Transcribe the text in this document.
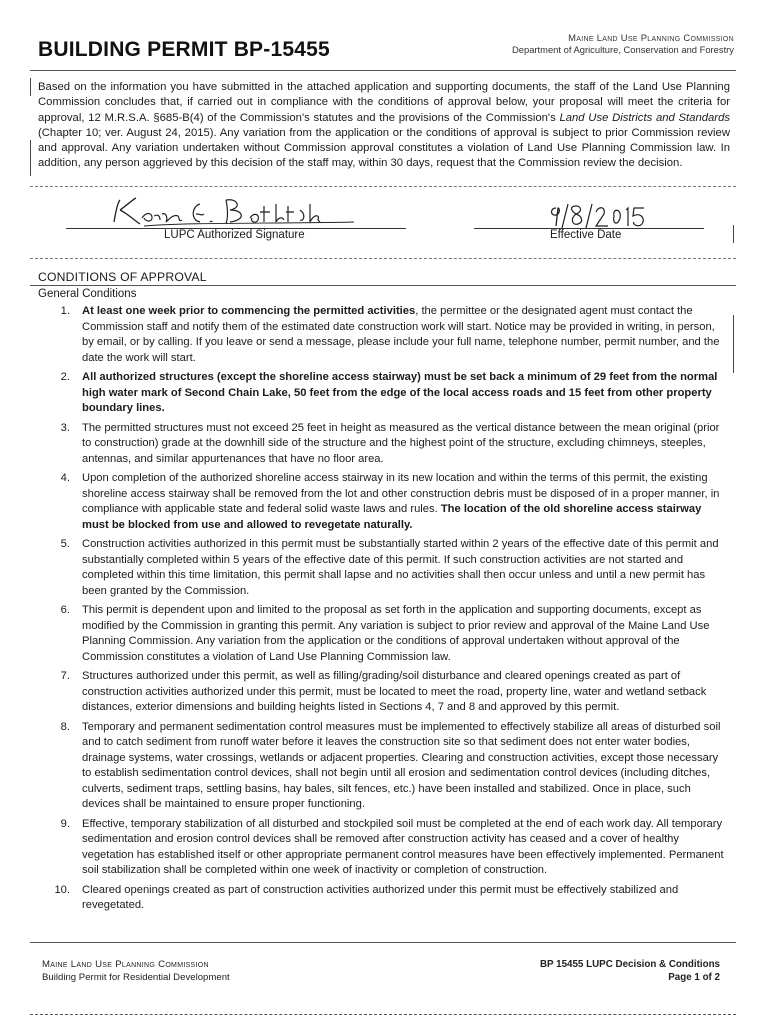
BUILDING PERMIT BP-15455
Maine Land Use Planning Commission
Department of Agriculture, Conservation and Forestry
Based on the information you have submitted in the attached application and supporting documents, the staff of the Land Use Planning Commission concludes that, if carried out in compliance with the conditions of approval below, your proposal will meet the criteria for approval, 12 M.R.S.A. §685-B(4) of the Commission's statutes and the provisions of the Commission's Land Use Districts and Standards (Chapter 10; ver. August 24, 2015). Any variation from the application or the conditions of approval is subject to prior Commission review and approval. Any variation undertaken without Commission approval constitutes a violation of Land Use Planning Commission law. In addition, any person aggrieved by this decision of the staff may, within 30 days, request that the Commission review the decision.
LUPC Authorized Signature	Effective Date
CONDITIONS OF APPROVAL
General Conditions
1. At least one week prior to commencing the permitted activities, the permittee or the designated agent must contact the Commission staff and notify them of the estimated date construction work will start. Notice may be provided in writing, in person, by email, or by calling. If you leave or send a message, please include your full name, telephone number, permit number, and the date the work will start.
2. All authorized structures (except the shoreline access stairway) must be set back a minimum of 29 feet from the normal high water mark of Second Chain Lake, 50 feet from the edge of the local access roads and 15 feet from other property boundary lines.
3. The permitted structures must not exceed 25 feet in height as measured as the vertical distance between the mean original (prior to construction) grade at the downhill side of the structure and the highest point of the structure, excluding chimneys, steeples, antennas, and similar appurtenances that have no floor area.
4. Upon completion of the authorized shoreline access stairway in its new location and within the terms of this permit, the existing shoreline access stairway shall be removed from the lot and other construction debris must be disposed of in a proper manner, in compliance with applicable state and federal solid waste laws and rules. The location of the old shoreline access stairway must be blocked from use and allowed to revegetate naturally.
5. Construction activities authorized in this permit must be substantially started within 2 years of the effective date of this permit and substantially completed within 5 years of the effective date of this permit. If such construction activities are not started and completed within this time limitation, this permit shall lapse and no activities shall then occur unless and until a new permit has been granted by the Commission.
6. This permit is dependent upon and limited to the proposal as set forth in the application and supporting documents, except as modified by the Commission in granting this permit. Any variation is subject to prior review and approval of the Maine Land Use Planning Commission. Any variation from the application or the conditions of approval undertaken without approval of the Commission constitutes a violation of Land Use Planning Commission law.
7. Structures authorized under this permit, as well as filling/grading/soil disturbance and cleared openings created as part of construction activities authorized under this permit, must be located to meet the road, property line, water and wetland setback distances, exterior dimensions and building heights listed in Sections 4, 7 and 8 and approved by this permit.
8. Temporary and permanent sedimentation control measures must be implemented to effectively stabilize all areas of disturbed soil and to catch sediment from runoff water before it leaves the construction site so that sediment does not enter water bodies, drainage systems, water crossings, wetlands or adjacent properties. Clearing and construction activities, except those necessary to establish sedimentation control devices, shall not begin until all erosion and sedimentation control devices (including ditches, culverts, sediment traps, settling basins, hay bales, silt fences, etc.) have been installed and stabilized. Once in place, such devices shall be maintained to ensure proper functioning.
9. Effective, temporary stabilization of all disturbed and stockpiled soil must be completed at the end of each work day. All temporary sedimentation and erosion control devices shall be removed after construction activity has ceased and a cover of healthy vegetation has established itself or other appropriate permanent control measures have been effectively implemented. Permanent soil stabilization shall be completed within one week of inactivity or completion of construction.
10. Cleared openings created as part of construction activities authorized under this permit must be effectively stabilized and revegetated.
Maine Land Use Planning Commission
Building Permit for Residential Development
BP 15455 LUPC Decision & Conditions
Page 1 of 2
